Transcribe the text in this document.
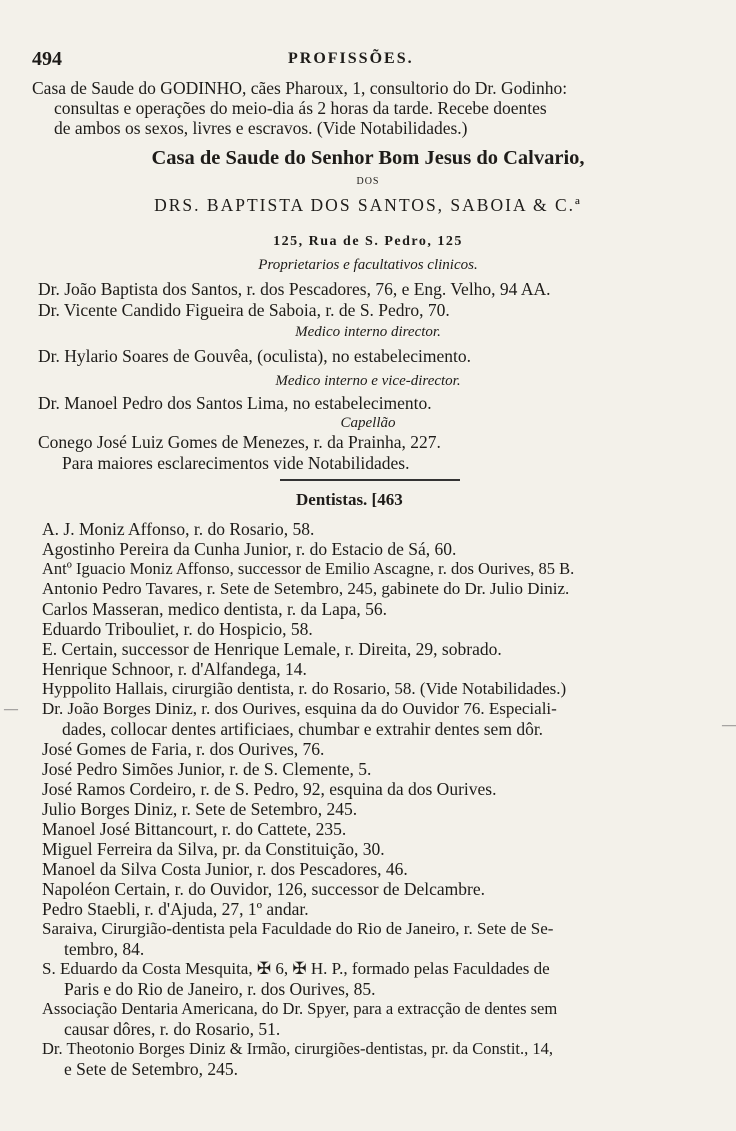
494	PROFISSÕES.
Casa de Saude do GODINHO, cães Pharoux, 1, consultorio do Dr. Godinho:
consultas e operações do meio-dia ás 2 horas da tarde. Recebe doentes
de ambos os sexos, livres e escravos. (Vide Notabilidades.)
Casa de Saude do Senhor Bom Jesus do Calvario,
DOS
DRS. BAPTISTA DOS SANTOS, SABOIA & C.ª
125, Rua de S. Pedro, 125
Proprietarios e facultativos clinicos.
Dr. João Baptista dos Santos, r. dos Pescadores, 76, e Eng. Velho, 94 AA.
Dr. Vicente Candido Figueira de Saboia, r. de S. Pedro, 70.
Medico interno director.
Dr. Hylario Soares de Gouvêa, (oculista), no estabelecimento.
Medico interno e vice-director.
Dr. Manoel Pedro dos Santos Lima, no estabelecimento.
Capellão
Conego José Luiz Gomes de Menezes, r. da Prainha, 227.
Para maiores esclarecimentos vide Notabilidades.
Dentistas. [463
A. J. Moniz Affonso, r. do Rosario, 58.
Agostinho Pereira da Cunha Junior, r. do Estacio de Sá, 60.
Antº Iguacio Moniz Affonso, successor de Emilio Ascagne, r. dos Ourives, 85 B.
Antonio Pedro Tavares, r. Sete de Setembro, 245, gabinete do Dr. Julio Diniz.
Carlos Masseran, medico dentista, r. da Lapa, 56.
Eduardo Tribouliet, r. do Hospicio, 58.
E. Certain, successor de Henrique Lemale, r. Direita, 29, sobrado.
Henrique Schnoor, r. d'Alfandega, 14.
Hyppolito Hallais, cirurgião dentista, r. do Rosario, 58. (Vide Notabilidades.)
Dr. João Borges Diniz, r. dos Ourives, esquina da do Ouvidor 76. Especiali-
dades, collocar dentes artificiaes, chumbar e extrahir dentes sem dôr.
José Gomes de Faria, r. dos Ourives, 76.
José Pedro Simões Junior, r. de S. Clemente, 5.
José Ramos Cordeiro, r. de S. Pedro, 92, esquina da dos Ourives.
Julio Borges Diniz, r. Sete de Setembro, 245.
Manoel José Bittancourt, r. do Cattete, 235.
Miguel Ferreira da Silva, pr. da Constituição, 30.
Manoel da Silva Costa Junior, r. dos Pescadores, 46.
Napoléon Certain, r. do Ouvidor, 126, successor de Delcambre.
Pedro Staebli, r. d'Ajuda, 27, 1º andar.
Saraiva, Cirurgião-dentista pela Faculdade do Rio de Janeiro, r. Sete de Se-
tembro, 84.
S. Eduardo da Costa Mesquita, ✠ 6, ✠ H. P., formado pelas Faculdades de
Paris e do Rio de Janeiro, r. dos Ourives, 85.
Associação Dentaria Americana, do Dr. Spyer, para a extracção de dentes sem
causar dôres, r. do Rosario, 51.
Dr. Theotonio Borges Diniz & Irmão, cirurgiões-dentistas, pr. da Constit., 14,
e Sete de Setembro, 245.
—
—
